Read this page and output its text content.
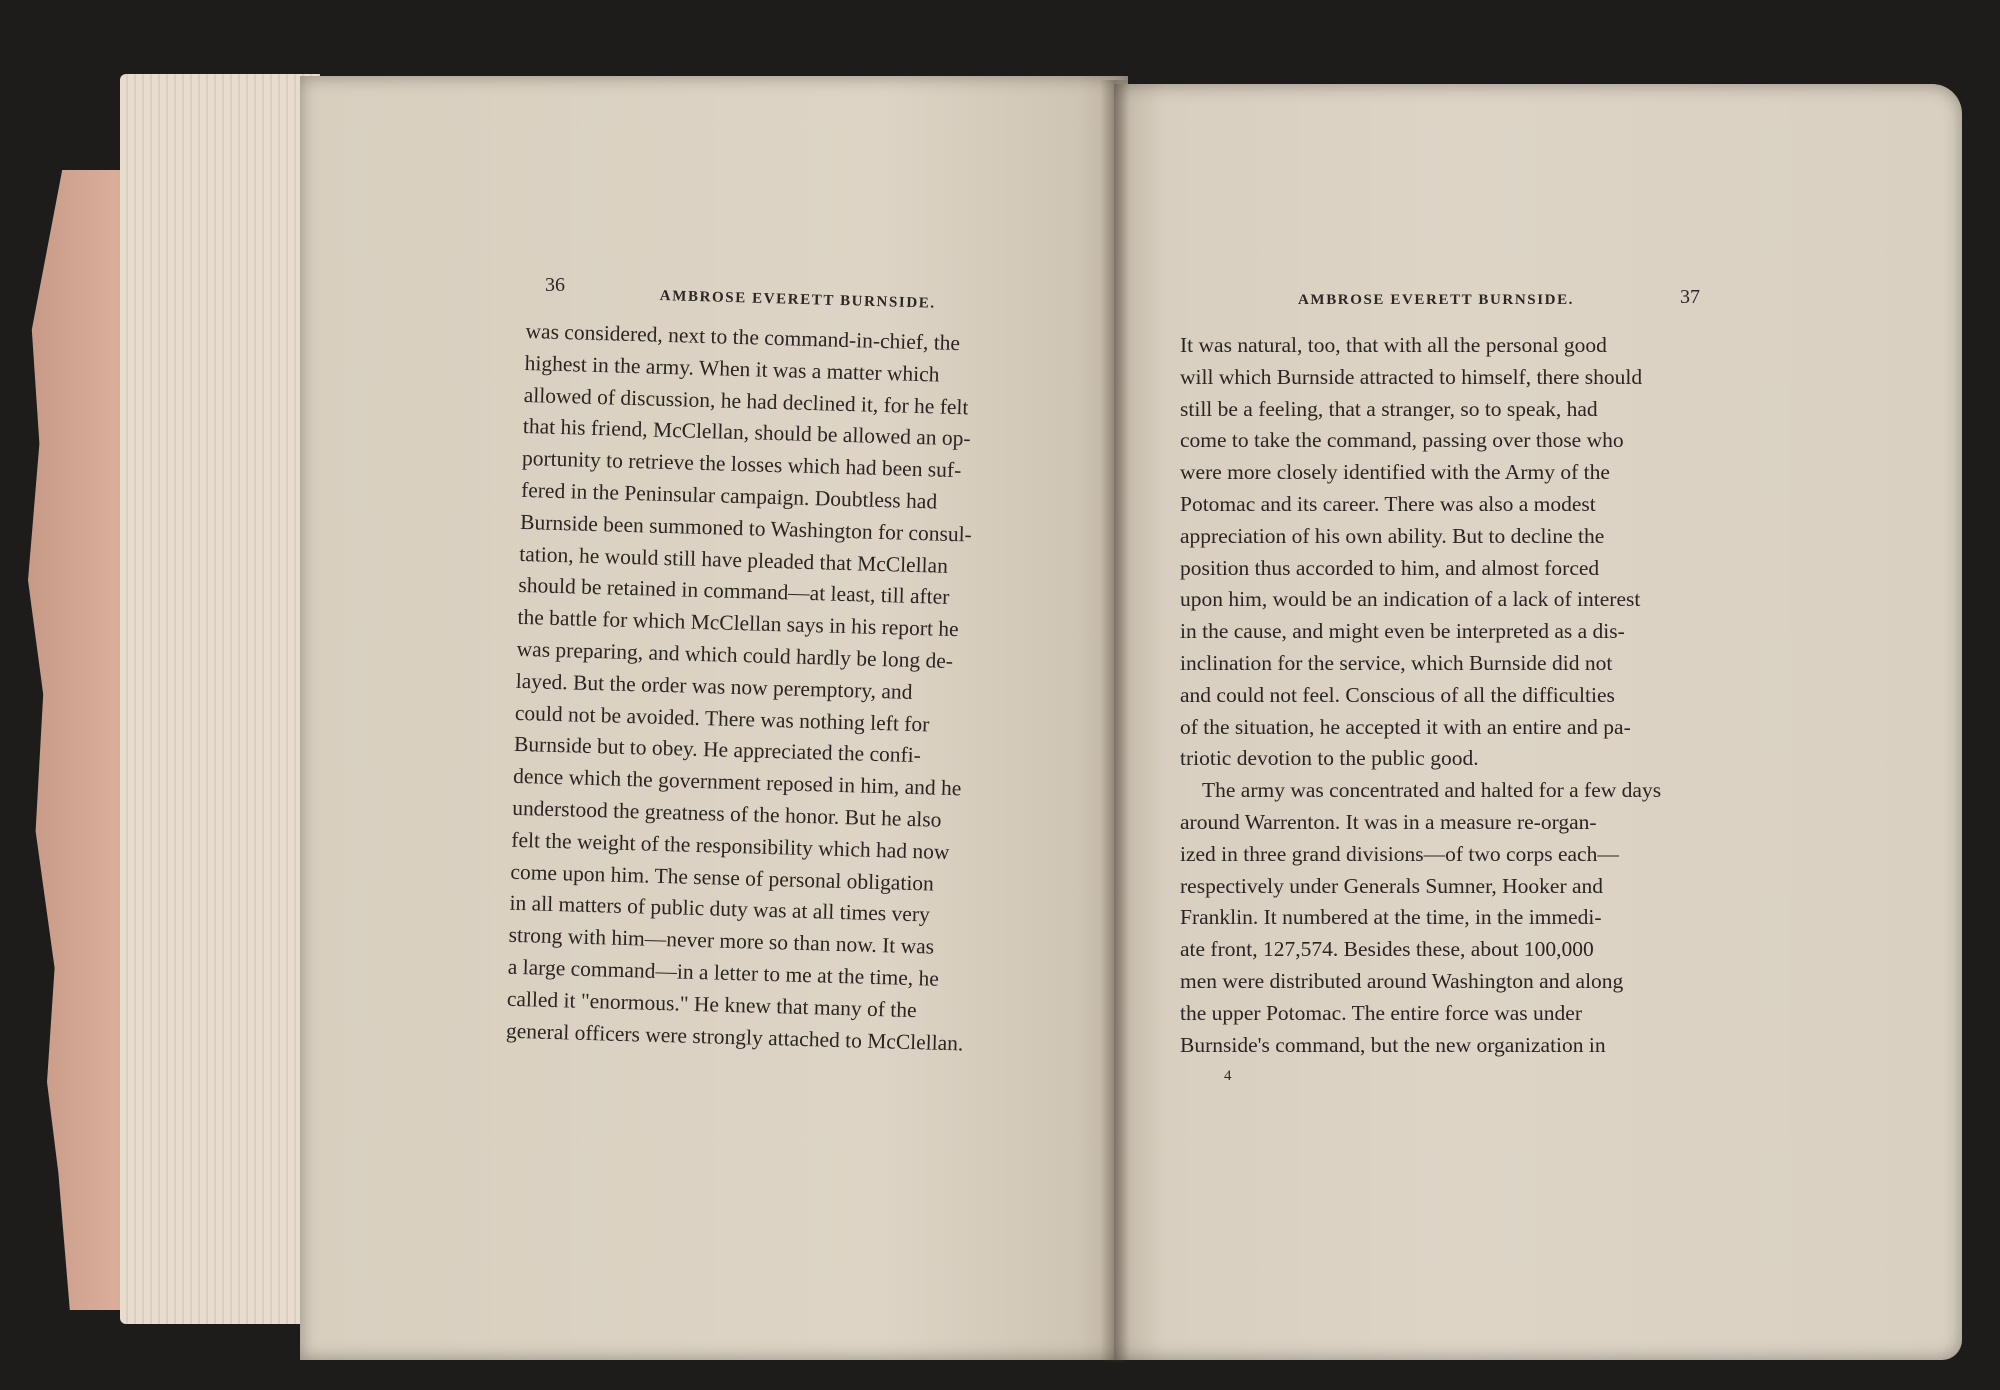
36
AMBROSE EVERETT BURNSIDE.

was considered, next to the command-in-chief, the

highest in the army. When it was a matter which

allowed of discussion, he had declined it, for he felt

that his friend, McClellan, should be allowed an op-

portunity to retrieve the losses which had been suf-

fered in the Peninsular campaign. Doubtless had

Burnside been summoned to Washington for consul-

tation, he would still have pleaded that McClellan

should be retained in command—at least, till after

the battle for which McClellan says in his report he

was preparing, and which could hardly be long de-

layed. But the order was now peremptory, and

could not be avoided. There was nothing left for

Burnside but to obey. He appreciated the confi-

dence which the government reposed in him, and he

understood the greatness of the honor. But he also

felt the weight of the responsibility which had now

come upon him. The sense of personal obligation

in all matters of public duty was at all times very

strong with him—never more so than now. It was

a large command—in a letter to me at the time, he

called it "enormous." He knew that many of the

general officers were strongly attached to McClellan.

AMBROSE EVERETT BURNSIDE.	37

It was natural, too, that with all the personal good

will which Burnside attracted to himself, there should

still be a feeling, that a stranger, so to speak, had

come to take the command, passing over those who

were more closely identified with the Army of the

Potomac and its career. There was also a modest

appreciation of his own ability. But to decline the

position thus accorded to him, and almost forced

upon him, would be an indication of a lack of interest

in the cause, and might even be interpreted as a dis-

inclination for the service, which Burnside did not

and could not feel. Conscious of all the difficulties

of the situation, he accepted it with an entire and pa-

triotic devotion to the public good.

The army was concentrated and halted for a few days

around Warrenton. It was in a measure re-organ-

ized in three grand divisions—of two corps each—

respectively under Generals Sumner, Hooker and

Franklin. It numbered at the time, in the immedi-

ate front, 127,574. Besides these, about 100,000

men were distributed around Washington and along

the upper Potomac. The entire force was under

Burnside's command, but the new organization in

4
